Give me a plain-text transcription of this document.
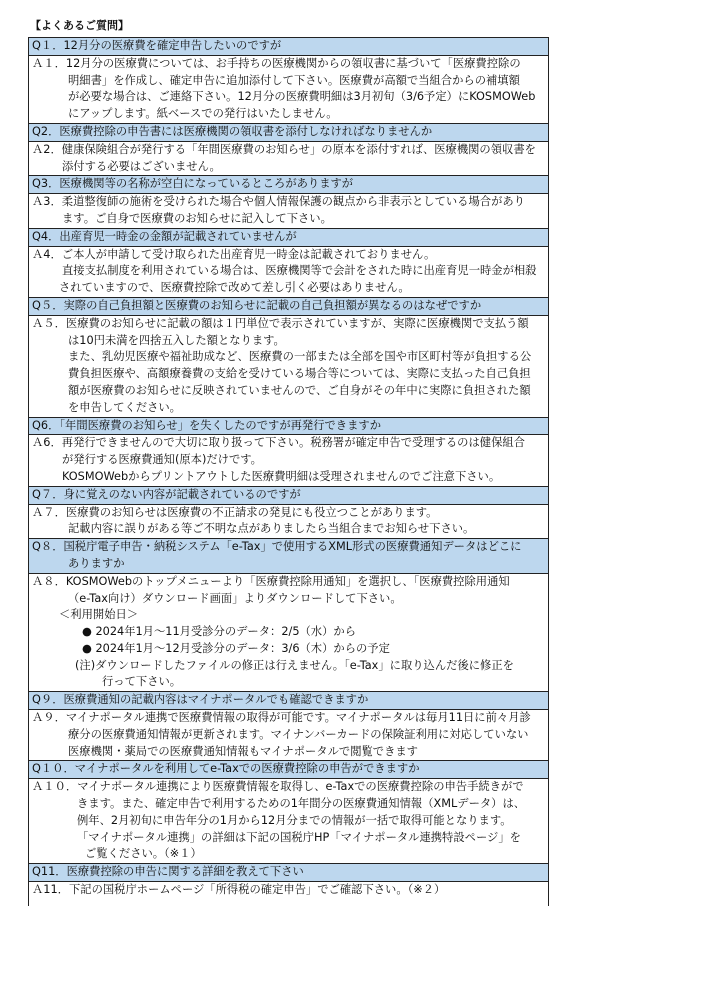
【よくあるご質問】
Q１．12月分の医療費を確定申告したいのですが
Ａ１．12月分の医療費については、お手持ちの医療機関からの領収書に基づいて「医療費控除の
明細書」を作成し、確定申告に追加添付して下さい。医療費が高額で当組合からの補填額
が必要な場合は、ご連絡下さい。12月分の医療費明細は3月初旬（3/6予定）にKOSMOWeb
にアップします。紙ベースでの発行はいたしません。
Q2．医療費控除の申告書には医療機関の領収書を添付しなければなりませんか
Ａ2．健康保険組合が発行する「年間医療費のお知らせ」の原本を添付すれば、医療機関の領収書を
添付する必要はございません。
Q3．医療機関等の名称が空白になっているところがありますが
Ａ3．柔道整復師の施術を受けられた場合や個人情報保護の観点から非表示としている場合があり
ます。ご自身で医療費のお知らせに記入して下さい。
Q4．出産育児一時金の金額が記載されていませんが
Ａ4．ご本人が申請して受け取られた出産育児一時金は記載されておりません。
直接支払制度を利用されている場合は、医療機関等で会計をされた時に出産育児一時金が相殺
されていますので、医療費控除で改めて差し引く必要はありません。
Q５．実際の自己負担額と医療費のお知らせに記載の自己負担額が異なるのはなぜですか
Ａ５．医療費のお知らせに記載の額は１円単位で表示されていますが、実際に医療機関で支払う額
は10円未満を四捨五入した額となります。
また、乳幼児医療や福祉助成など、医療費の一部または全部を国や市区町村等が負担する公
費負担医療や、高額療養費の支給を受けている場合等については、実際に支払った自己負担
額が医療費のお知らせに反映されていませんので、ご自身がその年中に実際に負担された額
を申告してください。
Q6．「年間医療費のお知らせ」を失くしたのですが再発行できますか
Ａ6．再発行できませんので大切に取り扱って下さい。税務署が確定申告で受理するのは健保組合
が発行する医療費通知(原本)だけです。
KOSMOWebからプリントアウトした医療費明細は受理されませんのでご注意下さい。
Q７．身に覚えのない内容が記載されているのですが
Ａ７．医療費のお知らせは医療費の不正請求の発見にも役立つことがあります。
記載内容に誤りがある等ご不明な点がありましたら当組合までお知らせ下さい。
Q８．国税庁電子申告・納税システム「e-Tax」で使用するXML形式の医療費通知データはどこに
ありますか
Ａ８．KOSMOWebのトップメニューより「医療費控除用通知」を選択し、「医療費控除用通知
（e-Tax向け）ダウンロード画面」よりダウンロードして下さい。
＜利用開始日＞
● 2024年1月～11月受診分のデータ：2/5（水）から
● 2024年1月～12月受診分のデータ：3/6（木）からの予定
(注)ダウンロードしたファイルの修正は行えません。「e-Tax」に取り込んだ後に修正を
行って下さい。
Q９．医療費通知の記載内容はマイナポータルでも確認できますか
Ａ９．マイナポータル連携で医療費情報の取得が可能です。マイナポータルは毎月11日に前々月診
療分の医療費通知情報が更新されます。マイナンバーカードの保険証利用に対応していない
医療機関・薬局での医療費通知情報もマイナポータルで閲覧できます
Q１０．マイナポータルを利用してe-Taxでの医療費控除の申告ができますか
Ａ１０．マイナポータル連携により医療費情報を取得し、e-Taxでの医療費控除の申告手続きがで
きます。また、確定申告で利用するための1年間分の医療費通知情報（XMLデータ）は、
例年、2月初旬に申告年分の1月から12月分までの情報が一括で取得可能となります。
「マイナポータル連携」の詳細は下記の国税庁HP「マイナポータル連携特設ページ」を
ご覧ください。（※１）
Q11．医療費控除の申告に関する詳細を教えて下さい
Ａ11．下記の国税庁ホームページ「所得税の確定申告」でご確認下さい。（※２）
